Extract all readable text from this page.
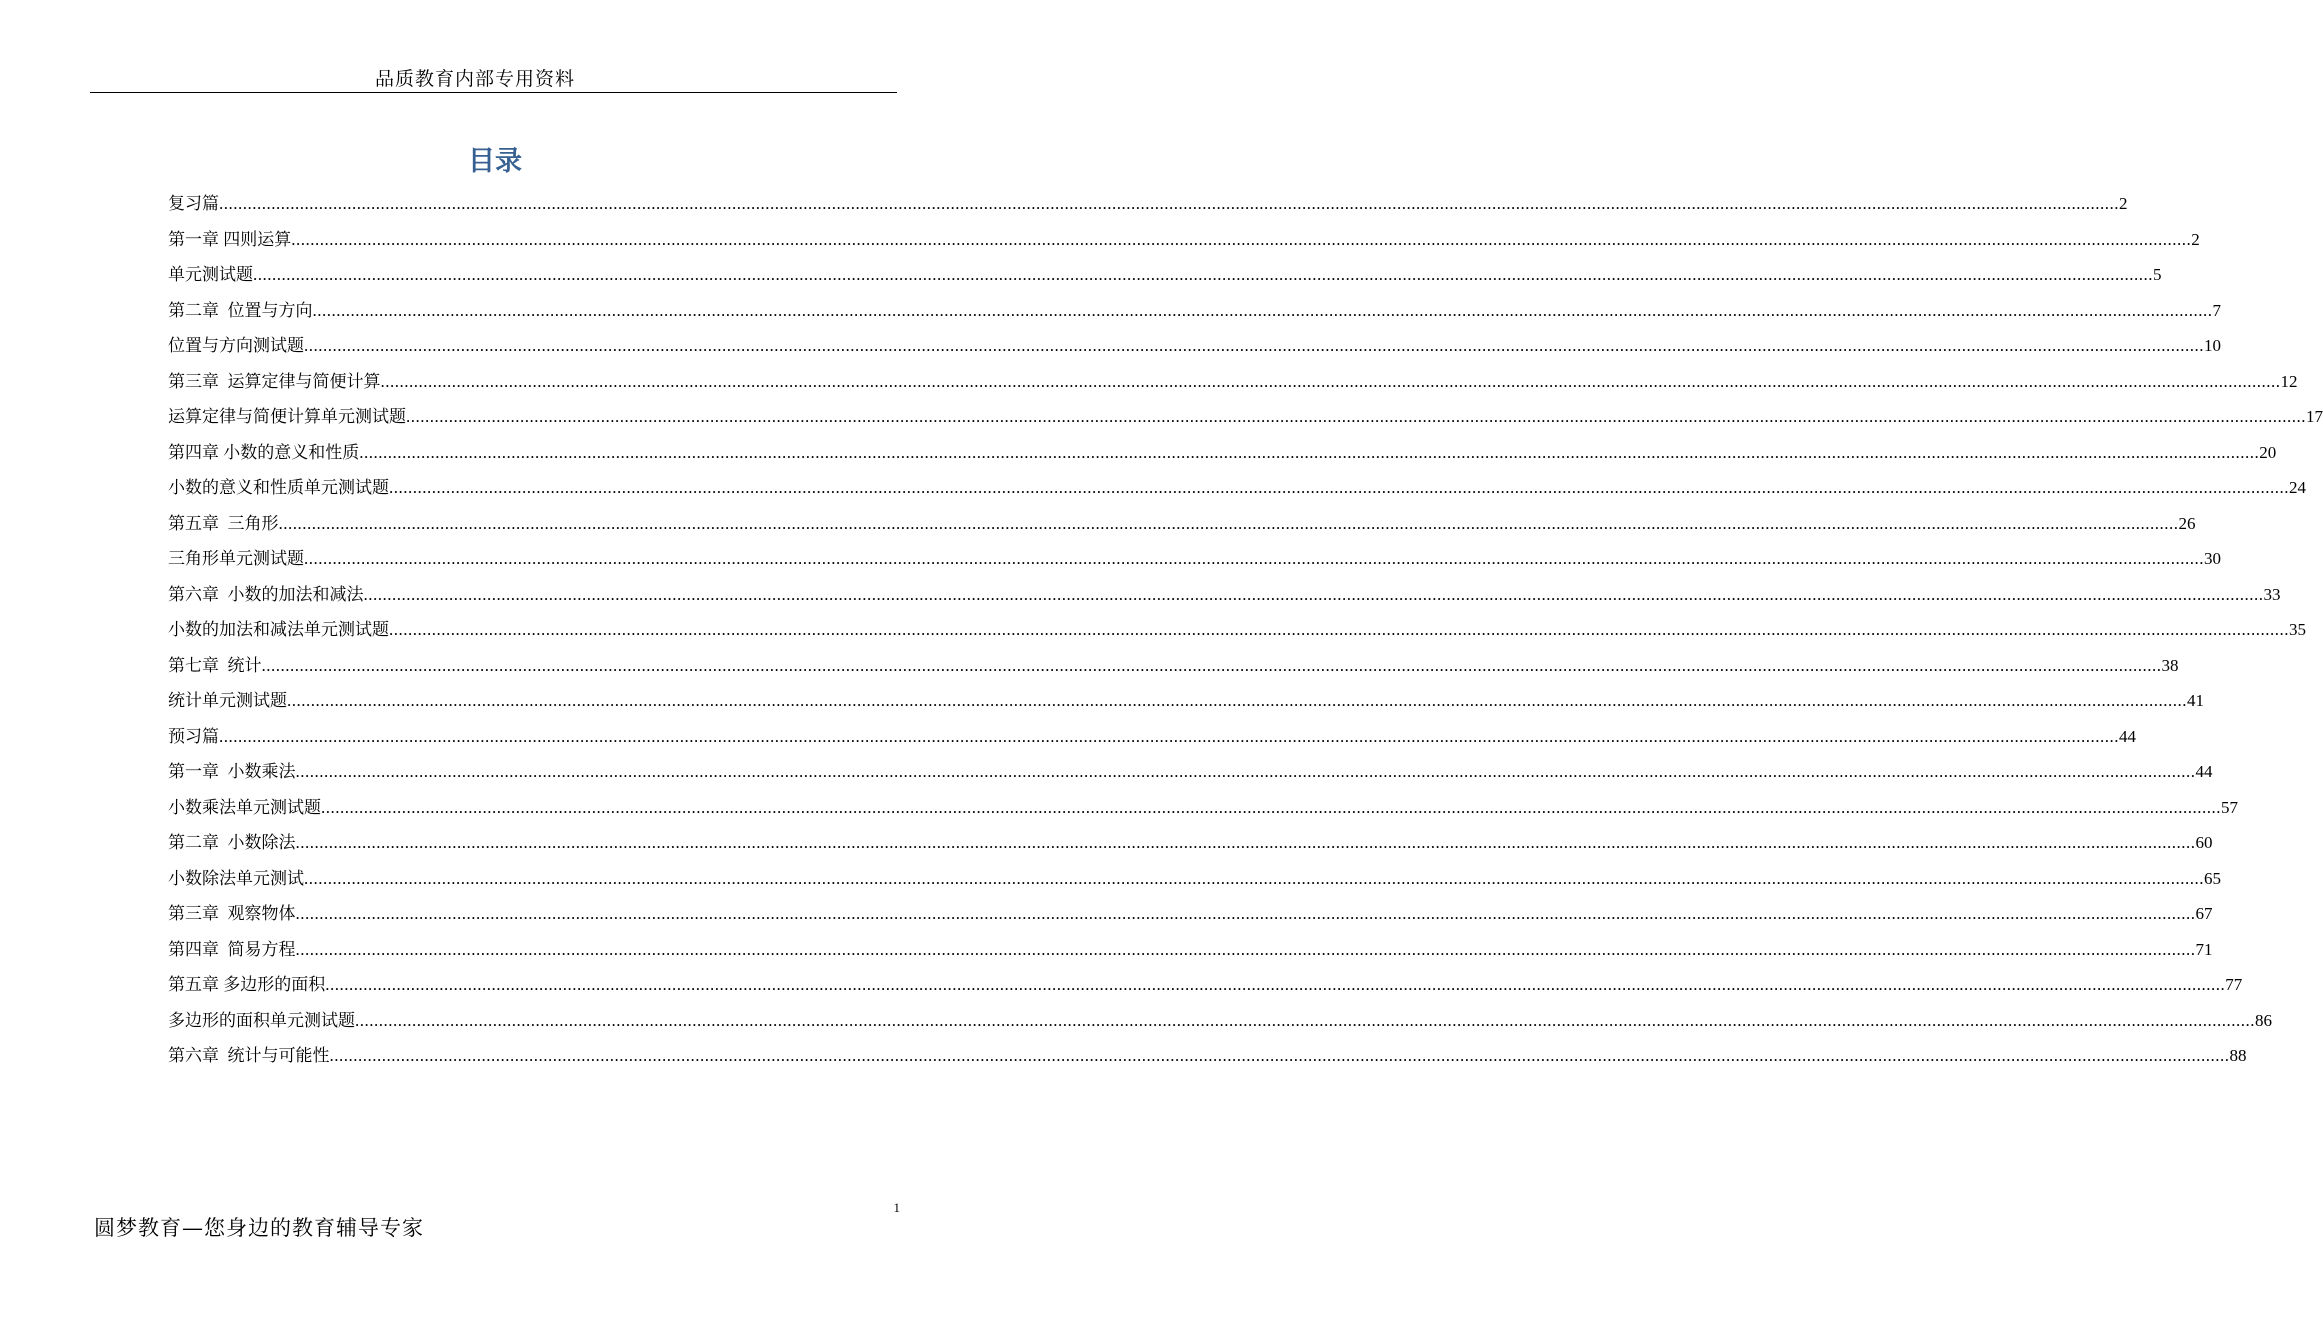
品质教育内部专用资料
目录
复习篇 ................................................................................................................................................................................................................................................................................................................................................................................................................ 2
第一章 四则运算 ................................................................................................................................................................................................................................................................................................................................................................................................................ 2
单元测试题 ................................................................................................................................................................................................................................................................................................................................................................................................................ 5
第二章  位置与方向 ................................................................................................................................................................................................................................................................................................................................................................................................................ 7
位置与方向测试题 ................................................................................................................................................................................................................................................................................................................................................................................................................ 10
第三章  运算定律与简便计算 ................................................................................................................................................................................................................................................................................................................................................................................................................ 12
运算定律与简便计算单元测试题 ................................................................................................................................................................................................................................................................................................................................................................................................................ 17
第四章 小数的意义和性质 ................................................................................................................................................................................................................................................................................................................................................................................................................ 20
小数的意义和性质单元测试题 ................................................................................................................................................................................................................................................................................................................................................................................................................ 24
第五章  三角形 ................................................................................................................................................................................................................................................................................................................................................................................................................ 26
三角形单元测试题 ................................................................................................................................................................................................................................................................................................................................................................................................................ 30
第六章  小数的加法和减法 ................................................................................................................................................................................................................................................................................................................................................................................................................ 33
小数的加法和减法单元测试题 ................................................................................................................................................................................................................................................................................................................................................................................................................ 35
第七章  统计 ................................................................................................................................................................................................................................................................................................................................................................................................................ 38
统计单元测试题 ................................................................................................................................................................................................................................................................................................................................................................................................................ 41
预习篇 ................................................................................................................................................................................................................................................................................................................................................................................................................ 44
第一章  小数乘法 ................................................................................................................................................................................................................................................................................................................................................................................................................ 44
小数乘法单元测试题 ................................................................................................................................................................................................................................................................................................................................................................................................................ 57
第二章  小数除法 ................................................................................................................................................................................................................................................................................................................................................................................................................ 60
小数除法单元测试 ................................................................................................................................................................................................................................................................................................................................................................................................................ 65
第三章  观察物体 ................................................................................................................................................................................................................................................................................................................................................................................................................ 67
第四章  简易方程 ................................................................................................................................................................................................................................................................................................................................................................................................................ 71
第五章 多边形的面积 ................................................................................................................................................................................................................................................................................................................................................................................................................ 77
多边形的面积单元测试题 ................................................................................................................................................................................................................................................................................................................................................................................................................ 86
第六章  统计与可能性 ................................................................................................................................................................................................................................................................................................................................................................................................................ 88
1
圆梦教育—您身边的教育辅导专家
